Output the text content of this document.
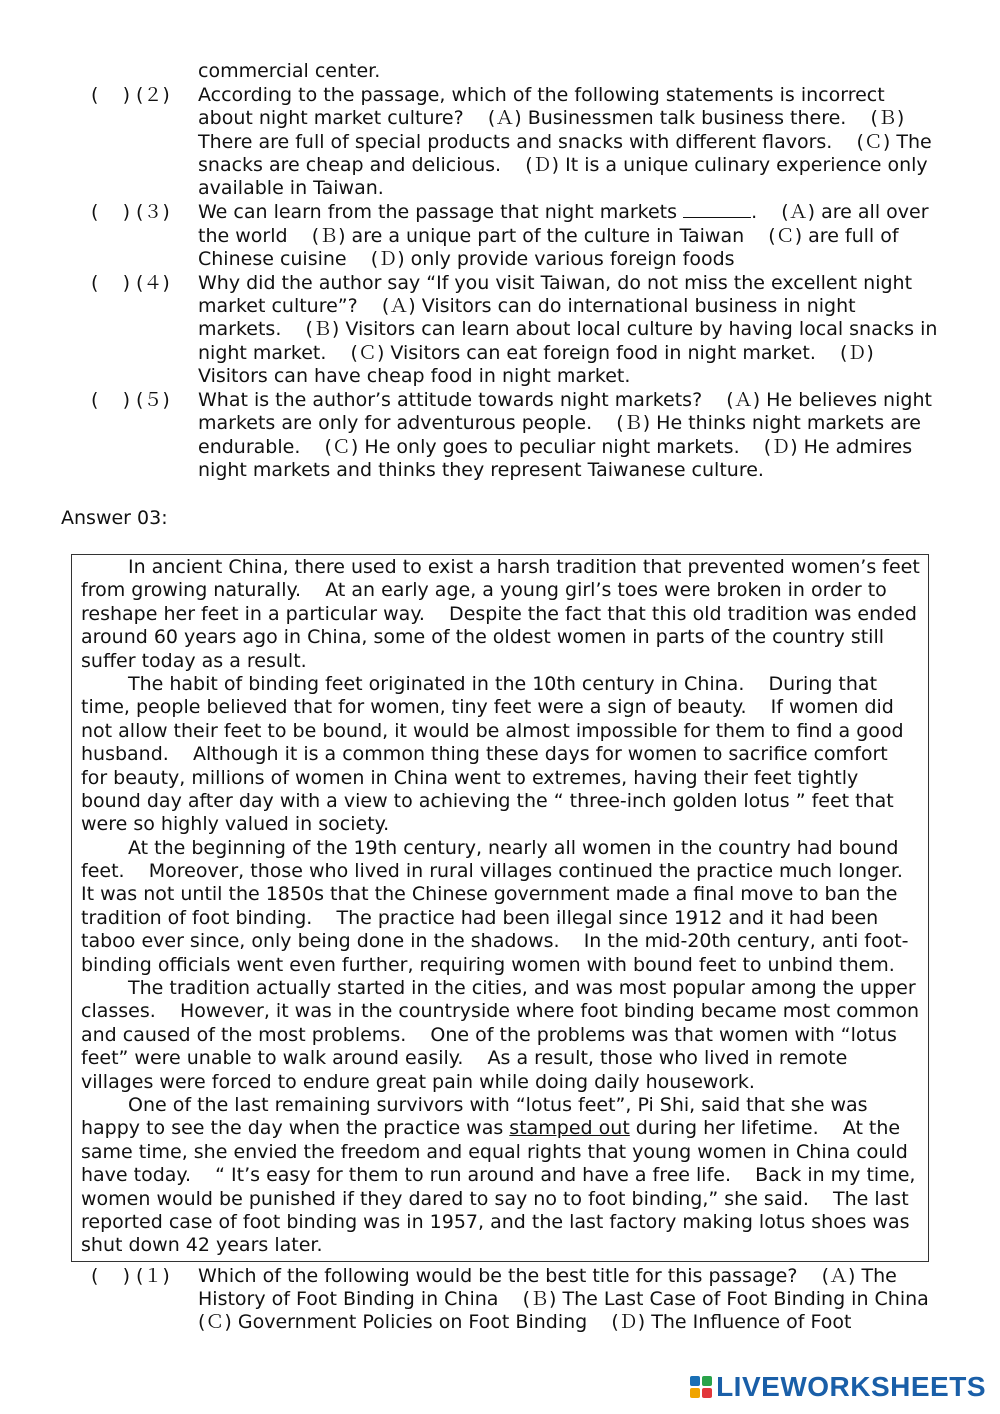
commercial center.
(    ) (２) According to the passage, which of the following statements is incorrect
about night market culture?    (Ａ) Businessmen talk business there.    (Ｂ)
There are full of special products and snacks with different flavors.    (Ｃ) The
snacks are cheap and delicious.    (Ｄ) It is a unique culinary experience only
available in Taiwan.
(    ) (３) We can learn from the passage that night markets	.    (Ａ) are all over
the world    (Ｂ) are a unique part of the culture in Taiwan    (Ｃ) are full of
Chinese cuisine    (Ｄ) only provide various foreign foods
(    ) (４) Why did the author say “If you visit Taiwan, do not miss the excellent night
market culture”?    (Ａ) Visitors can do international business in night
markets.    (Ｂ) Visitors can learn about local culture by having local snacks in
night market.    (Ｃ) Visitors can eat foreign food in night market.    (Ｄ)
Visitors can have cheap food in night market.
(    ) (５) What is the author’s attitude towards night markets?    (Ａ) He believes night
markets are only for adventurous people.    (Ｂ) He thinks night markets are
endurable.    (Ｃ) He only goes to peculiar night markets.    (Ｄ) He admires
night markets and thinks they represent Taiwanese culture.
Answer 03:
In ancient China, there used to exist a harsh tradition that prevented women’s feet
from growing naturally.    At an early age, a young girl’s toes were broken in order to
reshape her feet in a particular way.    Despite the fact that this old tradition was ended
around 60 years ago in China, some of the oldest women in parts of the country still
suffer today as a result.
The habit of binding feet originated in the 10th century in China.    During that
time, people believed that for women, tiny feet were a sign of beauty.    If women did
not allow their feet to be bound, it would be almost impossible for them to find a good
husband.    Although it is a common thing these days for women to sacrifice comfort
for beauty, millions of women in China went to extremes, having their feet tightly
bound day after day with a view to achieving the “ three-inch golden lotus ” feet that
were so highly valued in society.
At the beginning of the 19th century, nearly all women in the country had bound
feet.    Moreover, those who lived in rural villages continued the practice much longer.
It was not until the 1850s that the Chinese government made a final move to ban the
tradition of foot binding.    The practice had been illegal since 1912 and it had been
taboo ever since, only being done in the shadows.    In the mid-20th century, anti foot-
binding officials went even further, requiring women with bound feet to unbind them.
The tradition actually started in the cities, and was most popular among the upper
classes.    However, it was in the countryside where foot binding became most common
and caused of the most problems.    One of the problems was that women with “lotus
feet” were unable to walk around easily.    As a result, those who lived in remote
villages were forced to endure great pain while doing daily housework.
One of the last remaining survivors with “lotus feet”, Pi Shi, said that she was
happy to see the day when the practice was stamped out during her lifetime.    At the
same time, she envied the freedom and equal rights that young women in China could
have today.    “ It’s easy for them to run around and have a free life.    Back in my time,
women would be punished if they dared to say no to foot binding,” she said.    The last
reported case of foot binding was in 1957, and the last factory making lotus shoes was
shut down 42 years later.
(    ) (１) Which of the following would be the best title for this passage?    (Ａ) The
History of Foot Binding in China    (Ｂ) The Last Case of Foot Binding in China
(Ｃ) Government Policies on Foot Binding    (Ｄ) The Influence of Foot
LIVEWORKSHEETS
